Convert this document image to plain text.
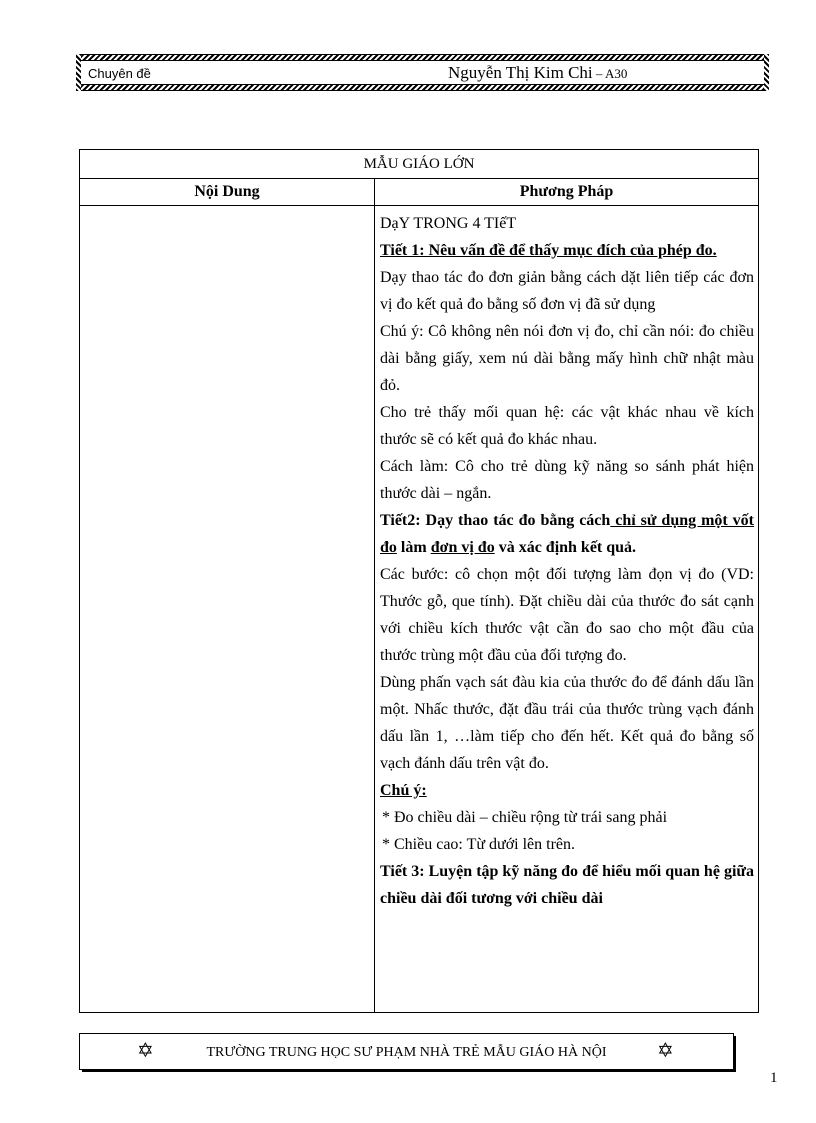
Chuyên đề	Nguyễn Thị Kim Chi – A30
MẪU GIÁO LỚN
Nội Dung	Phương Pháp

DạY TRONG 4 TIếT

Tiết 1: Nêu vấn đề để thấy mục đích của phép đo.

Dạy thao tác đo đơn giản bằng cách dặt liên tiếp các đơn vị đo kết quả đo bằng số đơn vị đã sử dụng

Chú ý: Cô không nên nói đơn vị đo, chỉ cần nói: đo chiều dài bằng giấy, xem nú dài bằng mấy hình chữ nhật màu đỏ.

Cho trẻ thấy mối quan hệ: các vật khác nhau về kích thước sẽ có kết quả đo khác nhau.

Cách làm: Cô cho trẻ dùng kỹ năng so sánh phát hiện thước dài – ngắn.

Tiết2: Dạy thao tác đo bằng cách chỉ sử dụng một vốt đo làm đơn vị đo và xác định kết quả.

Các bước: cô chọn một đối tượng làm đọn vị đo (VD: Thước gỗ, que tính). Đặt chiều dài của thước đo sát cạnh với chiều kích thước vật cần đo sao cho một đầu của thước trùng một đầu của đối tượng đo.

Dùng phấn vạch sát đàu kia của thước đo để đánh dấu lần một. Nhấc thước, đặt đầu trái của thước trùng vạch đánh dấu lần 1, …làm tiếp cho đến hết. Kết quả đo bằng số vạch đánh dấu trên vật đo.

Chú ý:

* Đo chiều dài – chiều rộng từ trái sang phải

* Chiều cao: Từ dưới lên trên.

Tiết 3: Luyện tập kỹ năng đo để hiểu mối quan hệ giữa chiều dài đối tương với chiều dài

✡	TRƯỜNG TRUNG HỌC SƯ PHẠM NHÀ TRẺ MẪU GIÁO HÀ NỘI	✡
1
